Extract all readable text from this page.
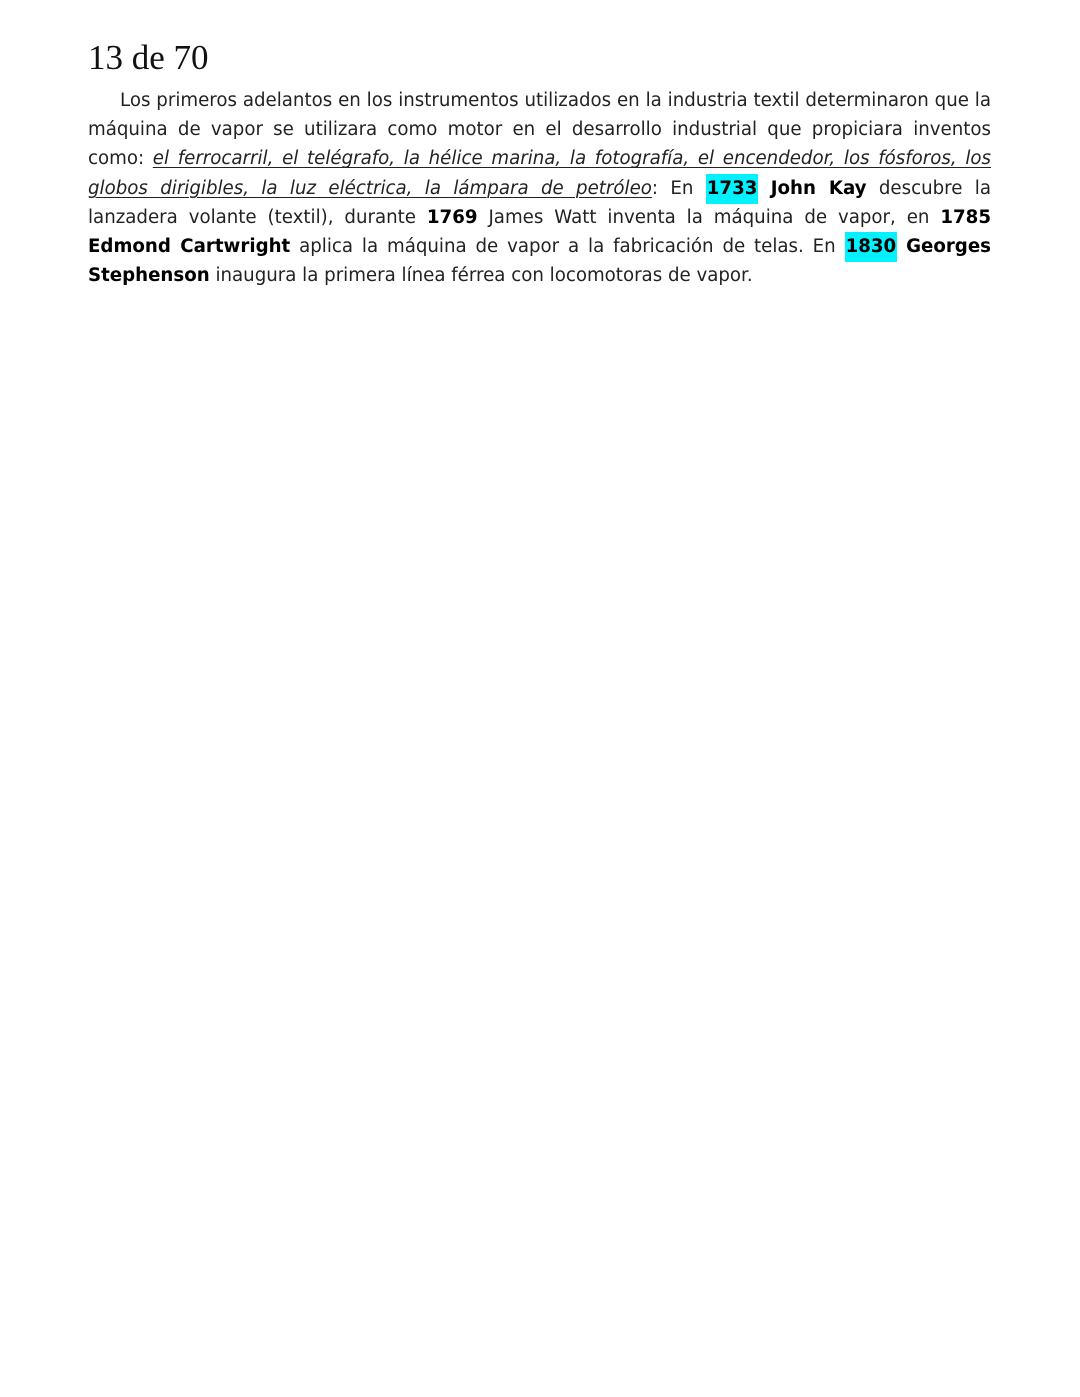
13 de 70

Los primeros adelantos en los instrumentos utilizados en la industria textil determinaron que la máquina de vapor se utilizara como motor en el desarrollo industrial que propiciara inventos como: el ferrocarril, el telégrafo, la hélice marina, la fotografía, el encendedor, los fósforos, los globos dirigibles, la luz eléctrica, la lámpara de petróleo: En 1733 John Kay descubre la lanzadera volante (textil), durante 1769 James Watt inventa la máquina de vapor, en 1785 Edmond Cartwright aplica la máquina de vapor a la fabricación de telas. En 1830 Georges Stephenson inaugura la primera línea férrea con locomotoras de vapor.
